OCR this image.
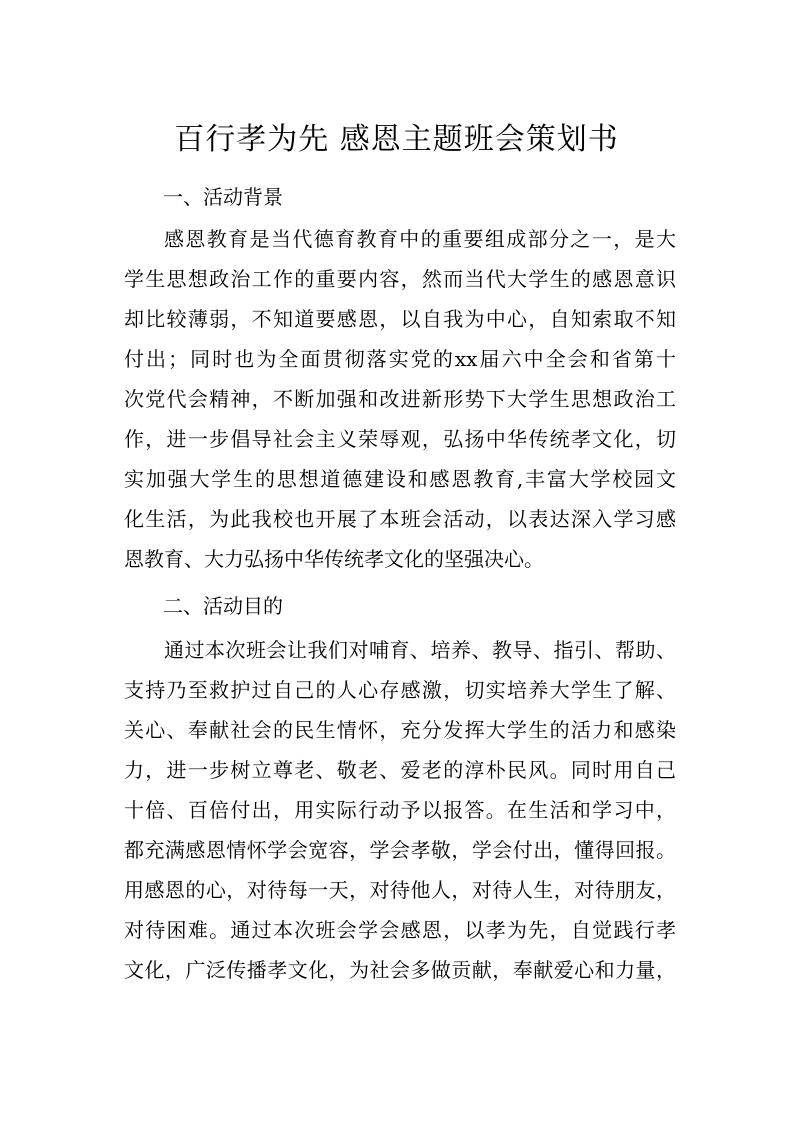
百行孝为先 感恩主题班会策划书
一、活动背景
感恩教育是当代德育教育中的重要组成部分之一，是大
学生思想政治工作的重要内容，然而当代大学生的感恩意识
却比较薄弱，不知道要感恩，以自我为中心，自知索取不知
付出；同时也为全面贯彻落实党的xx届六中全会和省第十
次党代会精神，不断加强和改进新形势下大学生思想政治工
作，进一步倡导社会主义荣辱观，弘扬中华传统孝文化，切
实加强大学生的思想道德建设和感恩教育,丰富大学校园文
化生活，为此我校也开展了本班会活动，以表达深入学习感
恩教育、大力弘扬中华传统孝文化的坚强决心。
二、活动目的
通过本次班会让我们对哺育、培养、教导、指引、帮助、
支持乃至救护过自己的人心存感激，切实培养大学生了解、
关心、奉献社会的民生情怀，充分发挥大学生的活力和感染
力，进一步树立尊老、敬老、爱老的淳朴民风。同时用自己
十倍、百倍付出，用实际行动予以报答。在生活和学习中，
都充满感恩情怀学会宽容，学会孝敬，学会付出，懂得回报。
用感恩的心，对待每一天，对待他人，对待人生，对待朋友，
对待困难。通过本次班会学会感恩，以孝为先，自觉践行孝
文化，广泛传播孝文化，为社会多做贡献，奉献爱心和力量，
